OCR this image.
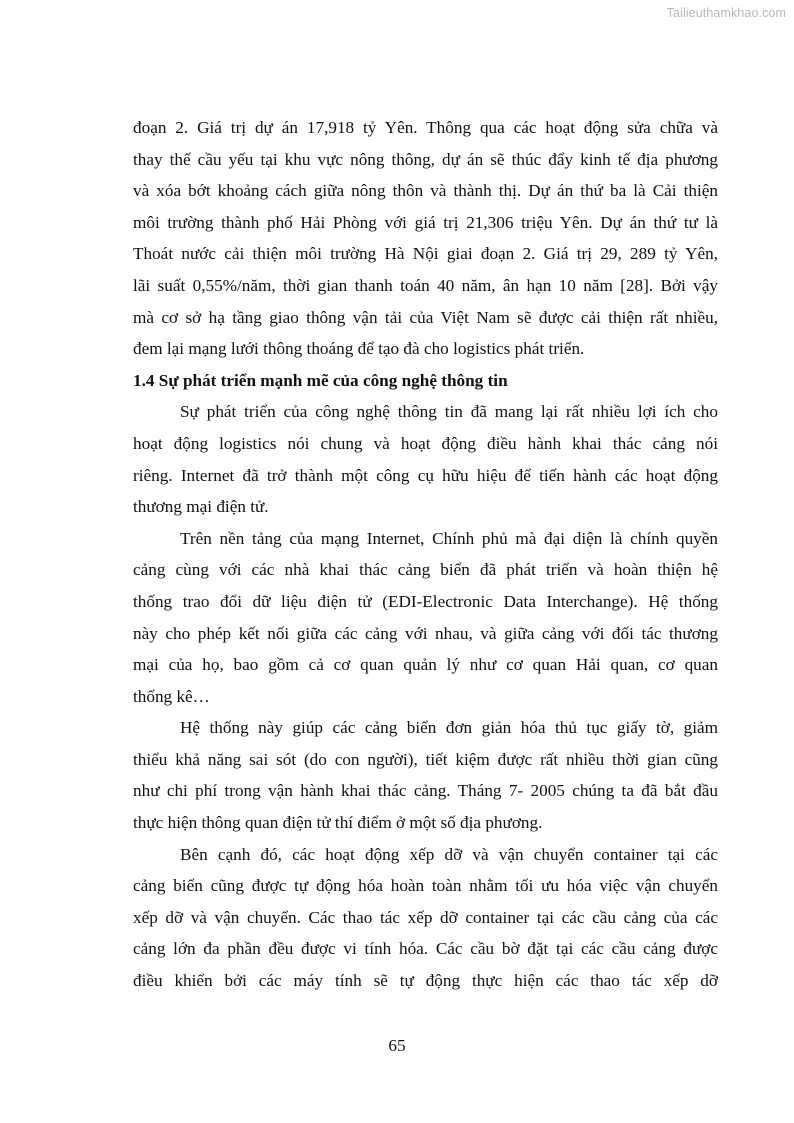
Tailieuthamkhao.com

đoạn 2. Giá trị dự án 17,918 tỷ Yên. Thông qua các hoạt động sửa chữa và

thay thế cầu yếu tại khu vực nông thông, dự án sẽ thúc đẩy kinh tế địa phương

và xóa bớt khoảng cách giữa nông thôn và thành thị. Dự án thứ ba là Cải thiện

môi trường thành phố Hải Phòng với giá trị 21,306 triệu Yên. Dự án thứ tư là

Thoát nước cải thiện môi trường Hà Nội giai đoạn 2. Giá trị 29, 289 tỷ Yên,

lãi suất 0,55%/năm, thời gian thanh toán 40 năm, ân hạn 10 năm [28]. Bởi vậy

mà cơ sở hạ tầng giao thông vận tải của Việt Nam sẽ được cải thiện rất nhiều,

đem lại mạng lưới thông thoáng để tạo đà cho logistics phát triển.

1.4 Sự phát triển mạnh mẽ của công nghệ thông tin

Sự phát triển của công nghệ thông tin đã mang lại rất nhiều lợi ích cho

hoạt động logistics nói chung và hoạt động điều hành khai thác cảng nói

riêng. Internet đã trở thành một công cụ hữu hiệu để tiến hành các hoạt động

thương mại điện tử.

Trên nền tảng của mạng Internet, Chính phủ mà đại diện là chính quyền

cảng cùng với các nhà khai thác cảng biển đã phát triển và hoàn thiện hệ

thống trao đổi dữ liệu điện tử (EDI-Electronic Data Interchange). Hệ thống

này cho phép kết nối giữa các cảng với nhau, và giữa cảng với đối tác thương

mại của họ, bao gồm cả cơ quan quản lý như cơ quan Hải quan, cơ quan

thống kê…

Hệ thống này giúp các cảng biển đơn giản hóa thủ tục giấy tờ, giảm

thiểu khả năng sai sót (do con người), tiết kiệm được rất nhiều thời gian cũng

như chi phí trong vận hành khai thác cảng. Tháng 7- 2005 chúng ta đã bắt đầu

thực hiện thông quan điện tử thí điểm ở một số địa phương.

Bên cạnh đó, các hoạt động xếp dỡ và vận chuyển container tại các

cảng biển cũng được tự động hóa hoàn toàn nhằm tối ưu hóa việc vận chuyển

xếp dỡ và vận chuyển. Các thao tác xếp dỡ container tại các cầu cảng của các

cảng lớn đa phần đều được vi tính hóa. Các cầu bờ đặt tại các cầu cảng được

điều khiển bởi các máy tính sẽ tự động thực hiện các thao tác xếp dỡ

65
